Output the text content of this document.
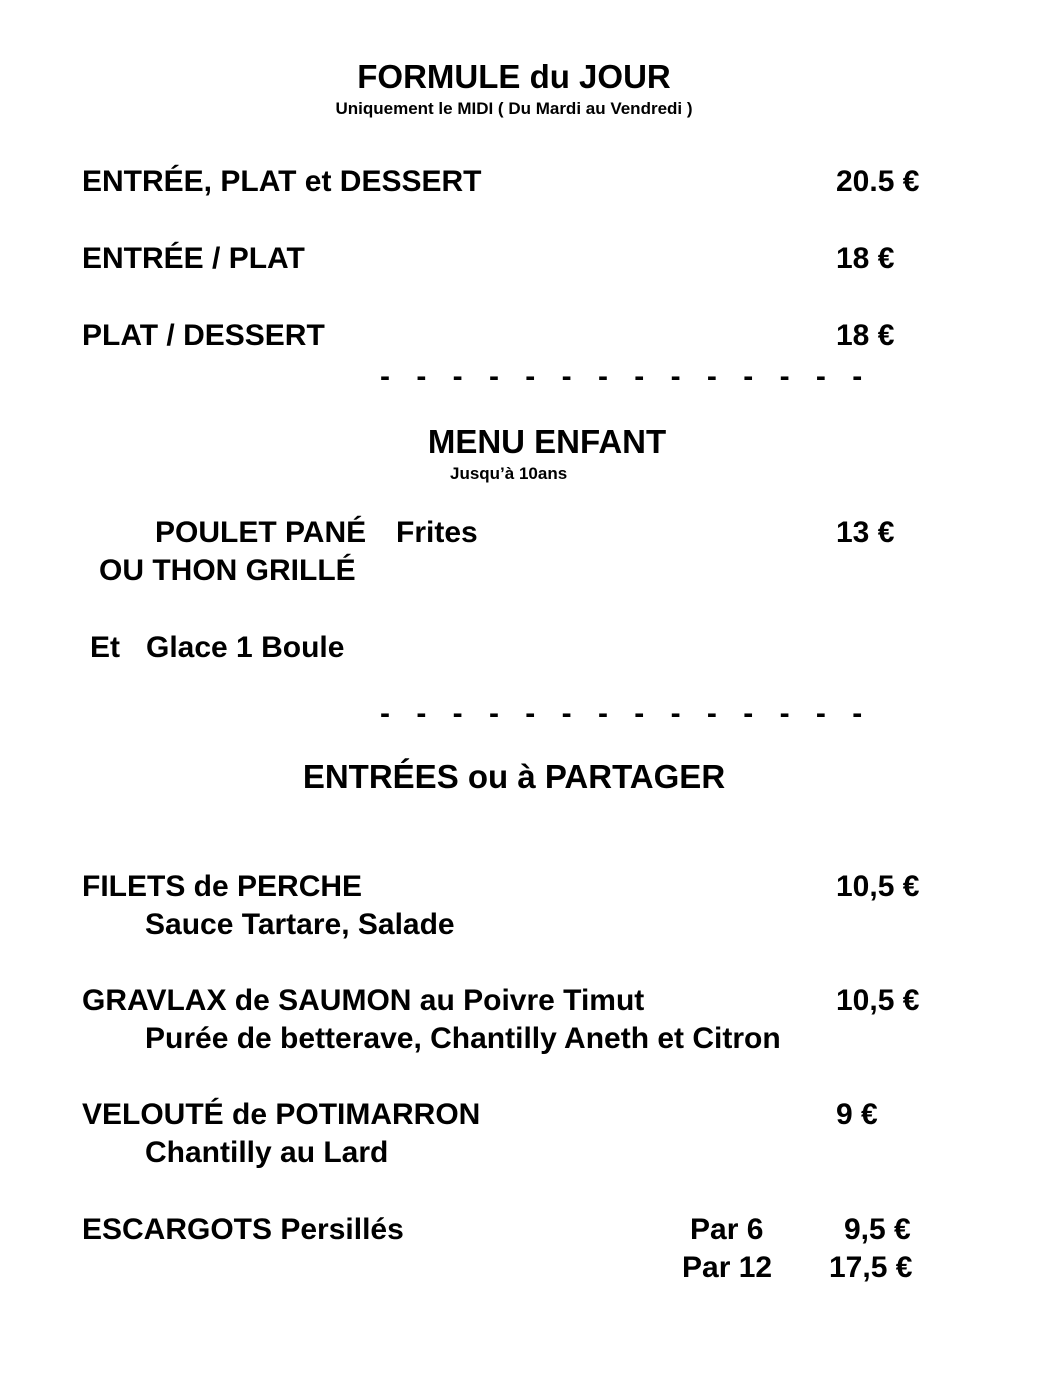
FORMULE du JOUR
Uniquement le MIDI ( Du Mardi au Vendredi )
ENTRÉE, PLAT et DESSERT	20.5 €
ENTRÉE / PLAT	18 €
PLAT / DESSERT	18 €
- - - - - - - - - - - - - -
MENU ENFANT
Jusqu’à 10ans
POULET PANÉ Frites	13 €
OU THON GRILLÉ
Et Glace 1 Boule
- - - - - - - - - - - - - -
ENTRÉES ou à PARTAGER
FILETS de PERCHE	10,5 €
Sauce Tartare, Salade
GRAVLAX de SAUMON au Poivre Timut	10,5 €
Purée de betterave, Chantilly Aneth et Citron
VELOUTÉ de POTIMARRON	9 €
Chantilly au Lard
ESCARGOTS Persillés	Par 6	9,5 €
Par 12 17,5 €
